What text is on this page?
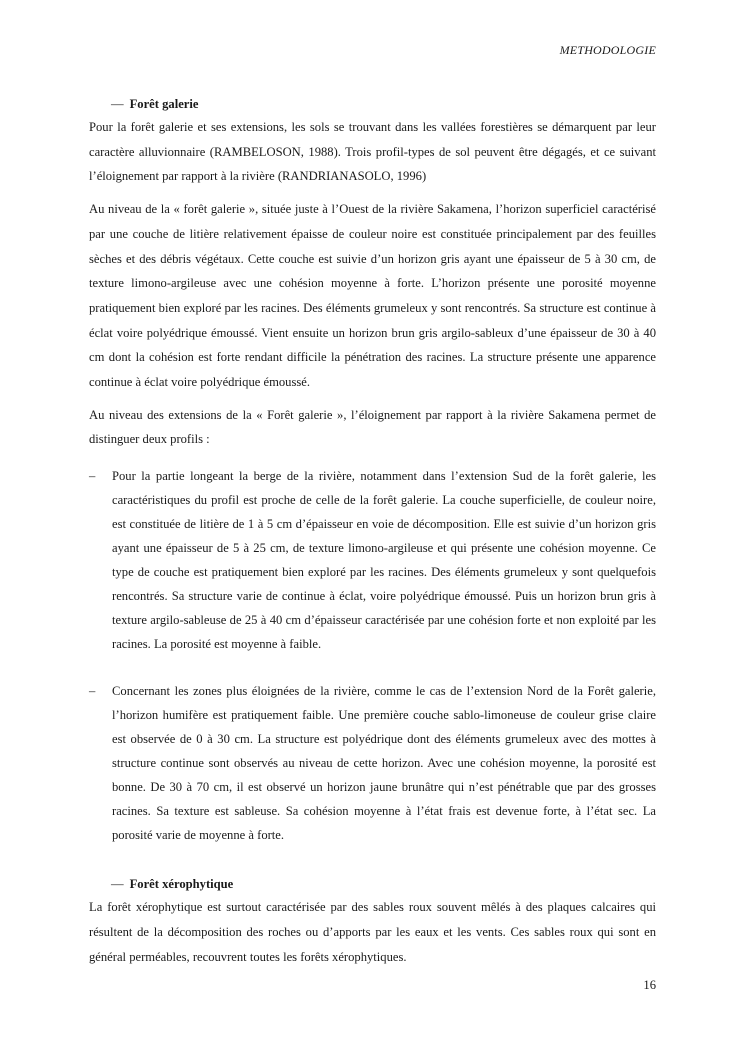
METHODOLOGIE
— Forêt galerie

Pour la forêt galerie et ses extensions, les sols se trouvant dans les vallées forestières se démarquent par leur caractère alluvionnaire (RAMBELOSON, 1988). Trois profil-types de sol peuvent être dégagés, et ce suivant l’éloignement par rapport à la rivière (RANDRIANASOLO, 1996)

Au niveau de la « forêt galerie », située juste à l’Ouest de la rivière Sakamena, l’horizon superficiel caractérisé par une couche de litière relativement épaisse de couleur noire est constituée principalement par des feuilles sèches et des débris végétaux. Cette couche est suivie d’un horizon gris ayant une épaisseur de 5 à 30 cm, de texture limono-argileuse avec une cohésion moyenne à forte. L’horizon présente une porosité moyenne pratiquement bien exploré par les racines. Des éléments grumeleux y sont rencontrés. Sa structure est continue à éclat voire polyédrique émoussé. Vient ensuite un horizon brun gris argilo-sableux d’une épaisseur de 30 à 40 cm dont la cohésion est forte rendant difficile la pénétration des racines. La structure présente une apparence continue à éclat voire polyédrique émoussé.

Au niveau des extensions de la « Forêt galerie », l’éloignement par rapport à la rivière Sakamena permet de distinguer deux profils :

– Pour la partie longeant la berge de la rivière, notamment dans l’extension Sud de la forêt galerie, les caractéristiques du profil est proche de celle de la forêt galerie. La couche superficielle, de couleur noire, est constituée de litière de 1 à 5 cm d’épaisseur en voie de décomposition. Elle est suivie d’un horizon gris ayant une épaisseur de 5 à 25 cm, de texture limono-argileuse et qui présente une cohésion moyenne. Ce type de couche est pratiquement bien exploré par les racines. Des éléments grumeleux y sont quelquefois rencontrés. Sa structure varie de continue à éclat, voire polyédrique émoussé. Puis un horizon brun gris à texture argilo-sableuse de 25 à 40 cm d’épaisseur caractérisée par une cohésion forte et non exploité par les racines. La porosité est moyenne à faible.
– Concernant les zones plus éloignées de la rivière, comme le cas de l’extension Nord de la Forêt galerie, l’horizon humifère est pratiquement faible. Une première couche sablo-limoneuse de couleur grise claire est observée de 0 à 30 cm. La structure est polyédrique dont des éléments grumeleux avec des mottes à structure continue sont observés au niveau de cette horizon. Avec une cohésion moyenne, la porosité est bonne. De 30 à 70 cm, il est observé un horizon jaune brunâtre qui n’est pénétrable que par des grosses racines. Sa texture est sableuse. Sa cohésion moyenne à l’état frais est devenue forte, à l’état sec. La porosité varie de moyenne à forte.
— Forêt xérophytique

La forêt xérophytique est surtout caractérisée par des sables roux souvent mêlés à des plaques calcaires qui résultent de la décomposition des roches ou d’apports par les eaux et les vents. Ces sables roux qui sont en général perméables, recouvrent toutes les forêts xérophytiques.

16
